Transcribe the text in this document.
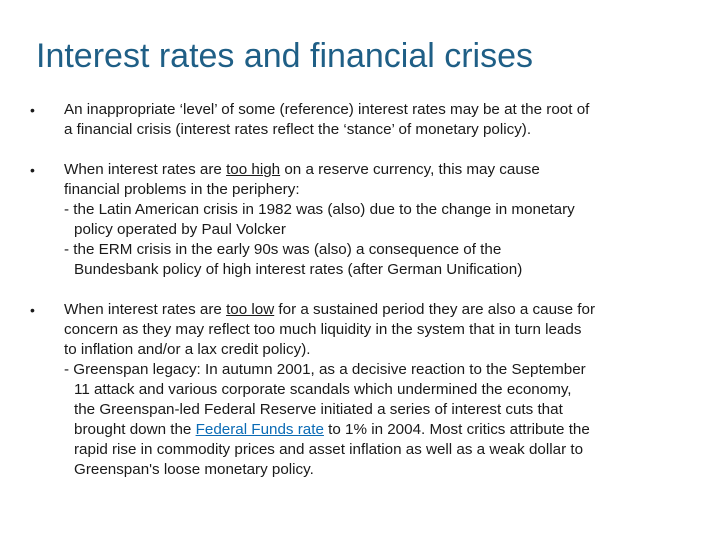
Interest rates and financial crises
•	An inappropriate ‘level’ of some (reference) interest rates may be at the root of
a financial crisis (interest rates reflect the ‘stance’ of monetary policy).
•	When interest rates are too high on a reserve currency, this may cause
financial problems in the periphery:
- the Latin American crisis in 1982 was (also) due to the change in monetary
policy operated by Paul Volcker
- the ERM crisis in the early 90s was (also) a consequence of the
Bundesbank policy of high interest rates (after German Unification)
•	When interest rates are too low for a sustained period they are also a cause for
concern as they may reflect too much liquidity in the system that in turn leads
to inflation and/or a lax credit policy).
- Greenspan legacy: In autumn 2001, as a decisive reaction to the September
11 attack and various corporate scandals which undermined the economy,
the Greenspan-led Federal Reserve initiated a series of interest cuts that
brought down the Federal Funds rate to 1% in 2004. Most critics attribute the
rapid rise in commodity prices and asset inflation as well as a weak dollar to
Greenspan's loose monetary policy.
